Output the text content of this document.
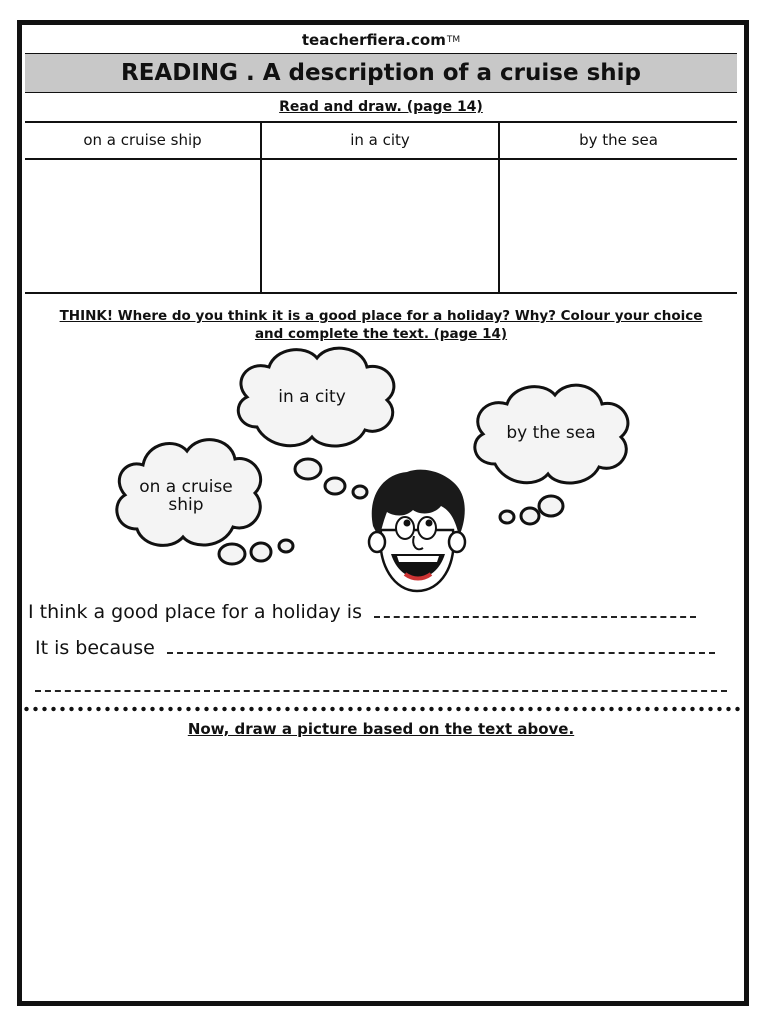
teacherfiera.com TM
READING . A description of a cruise ship
Read and draw. (page 14)
on a cruise ship	in a city	by the sea
THINK! Where do you think it is a good place for a holiday? Why? Colour your choice and complete the text. (page 14)
in a city
by the sea
on a cruise
ship
I think a good place for a holiday is
It is because
Now, draw a picture based on the text above.
